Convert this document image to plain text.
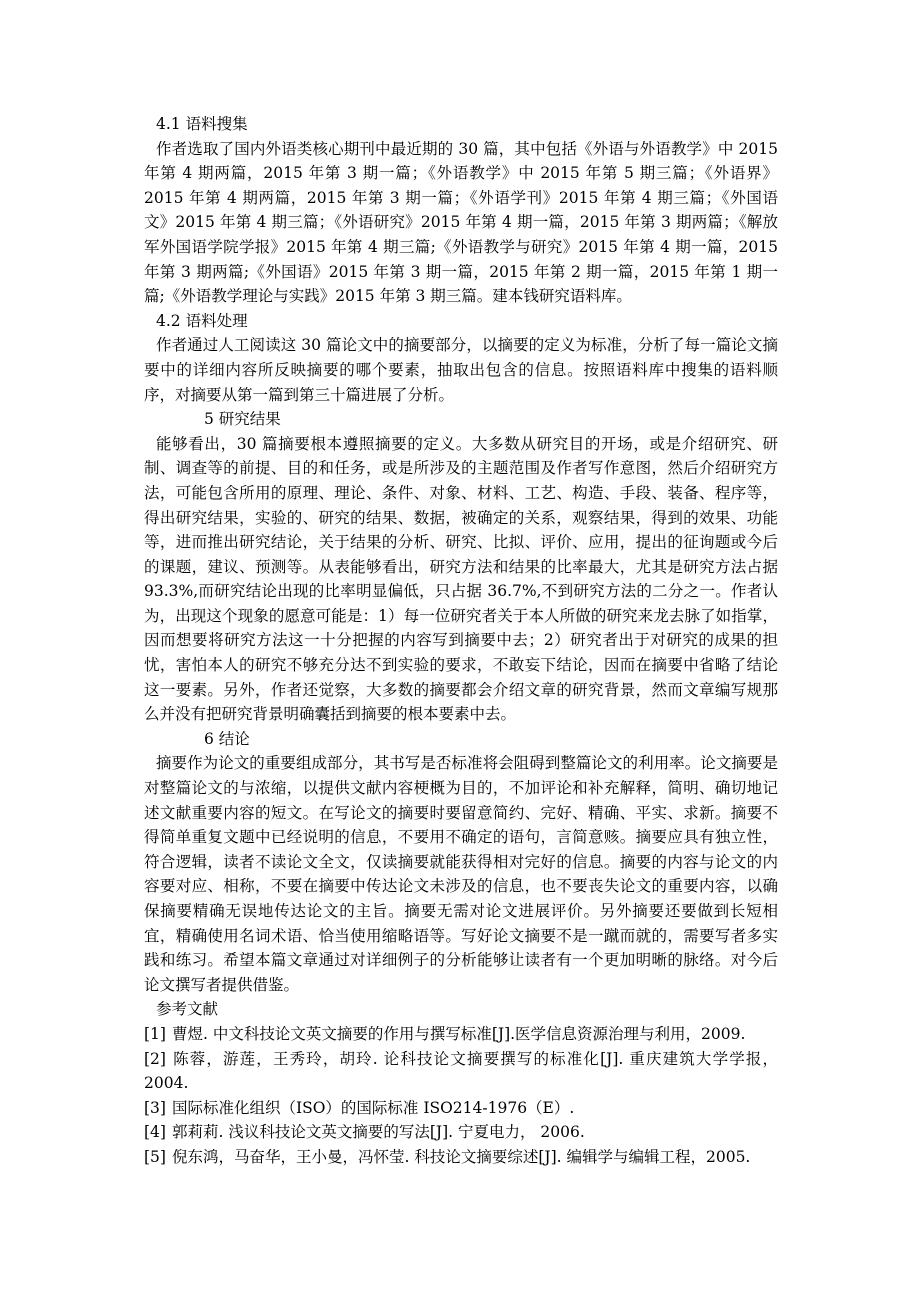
4.1 语料搜集

作者选取了国内外语类核心期刊中最近期的 30 篇，其中包括《外语与外语教学》中 2015 年第 4 期两篇，2015 年第 3 期一篇；《外语教学》中 2015 年第 5 期三篇；《外语界》2015 年第 4 期两篇，2015 年第 3 期一篇；《外语学刊》2015 年第 4 期三篇；《外国语文》2015 年第 4 期三篇；《外语研究》2015 年第 4 期一篇，2015 年第 3 期两篇；《解放军外国语学院学报》2015 年第 4 期三篇;《外语教学与研究》2015 年第 4 期一篇，2015 年第 3 期两篇;《外国语》2015 年第 3 期一篇，2015 年第 2 期一篇，2015 年第 1 期一篇;《外语教学理论与实践》2015 年第 3 期三篇。建本钱研究语料库。

4.2 语料处理

作者通过人工阅读这 30 篇论文中的摘要部分，以摘要的定义为标准，分析了每一篇论文摘要中的详细内容所反映摘要的哪个要素，抽取出包含的信息。按照语料库中搜集的语料顺序，对摘要从第一篇到第三十篇进展了分析。

5 研究结果

能够看出，30 篇摘要根本遵照摘要的定义。大多数从研究目的开场，或是介绍研究、研制、调查等的前提、目的和任务，或是所涉及的主题范围及作者写作意图，然后介绍研究方法，可能包含所用的原理、理论、条件、对象、材料、工艺、构造、手段、装备、程序等，得出研究结果，实验的、研究的结果、数据，被确定的关系，观察结果，得到的效果、功能等，进而推出研究结论，关于结果的分析、研究、比拟、评价、应用，提出的征询题或今后的课题，建议、预测等。从表能够看出，研究方法和结果的比率最大，尤其是研究方法占据 93.3%,而研究结论出现的比率明显偏低，只占据 36.7%,不到研究方法的二分之一。作者认为，出现这个现象的愿意可能是：1）每一位研究者关于本人所做的研究来龙去脉了如指掌，因而想要将研究方法这一十分把握的内容写到摘要中去；2）研究者出于对研究的成果的担忧，害怕本人的研究不够充分达不到实验的要求，不敢妄下结论，因而在摘要中省略了结论这一要素。另外，作者还觉察，大多数的摘要都会介绍文章的研究背景，然而文章编写规那么并没有把研究背景明确囊括到摘要的根本要素中去。

6 结论

摘要作为论文的重要组成部分，其书写是否标准将会阻碍到整篇论文的利用率。论文摘要是对整篇论文的与浓缩，以提供文献内容梗概为目的，不加评论和补充解释，简明、确切地记述文献重要内容的短文。在写论文的摘要时要留意简约、完好、精确、平实、求新。摘要不得简单重复文题中已经说明的信息，不要用不确定的语句，言简意赅。摘要应具有独立性，符合逻辑，读者不读论文全文，仅读摘要就能获得相对完好的信息。摘要的内容与论文的内容要对应、相称，不要在摘要中传达论文未涉及的信息，也不要丧失论文的重要内容，以确保摘要精确无误地传达论文的主旨。摘要无需对论文进展评价。另外摘要还要做到长短相宜，精确使用名词术语、恰当使用缩略语等。写好论文摘要不是一蹴而就的，需要写者多实践和练习。希望本篇文章通过对详细例子的分析能够让读者有一个更加明晰的脉络。对今后论文撰写者提供借鉴。

参考文献

[1] 曹煜. 中文科技论文英文摘要的作用与撰写标准[J].医学信息资源治理与利用，2009.

[2] 陈蓉，游莲，王秀玲，胡玲. 论科技论文摘要撰写的标准化[J]. 重庆建筑大学学报，2004.

[3] 国际标准化组织（ISO）的国际标准 ISO214-1976（E）.

[4] 郭莉莉. 浅议科技论文英文摘要的写法[J]. 宁夏电力， 2006.

[5] 倪东鸿，马奋华，王小曼，冯怀莹. 科技论文摘要综述[J]. 编辑学与编辑工程，2005.
